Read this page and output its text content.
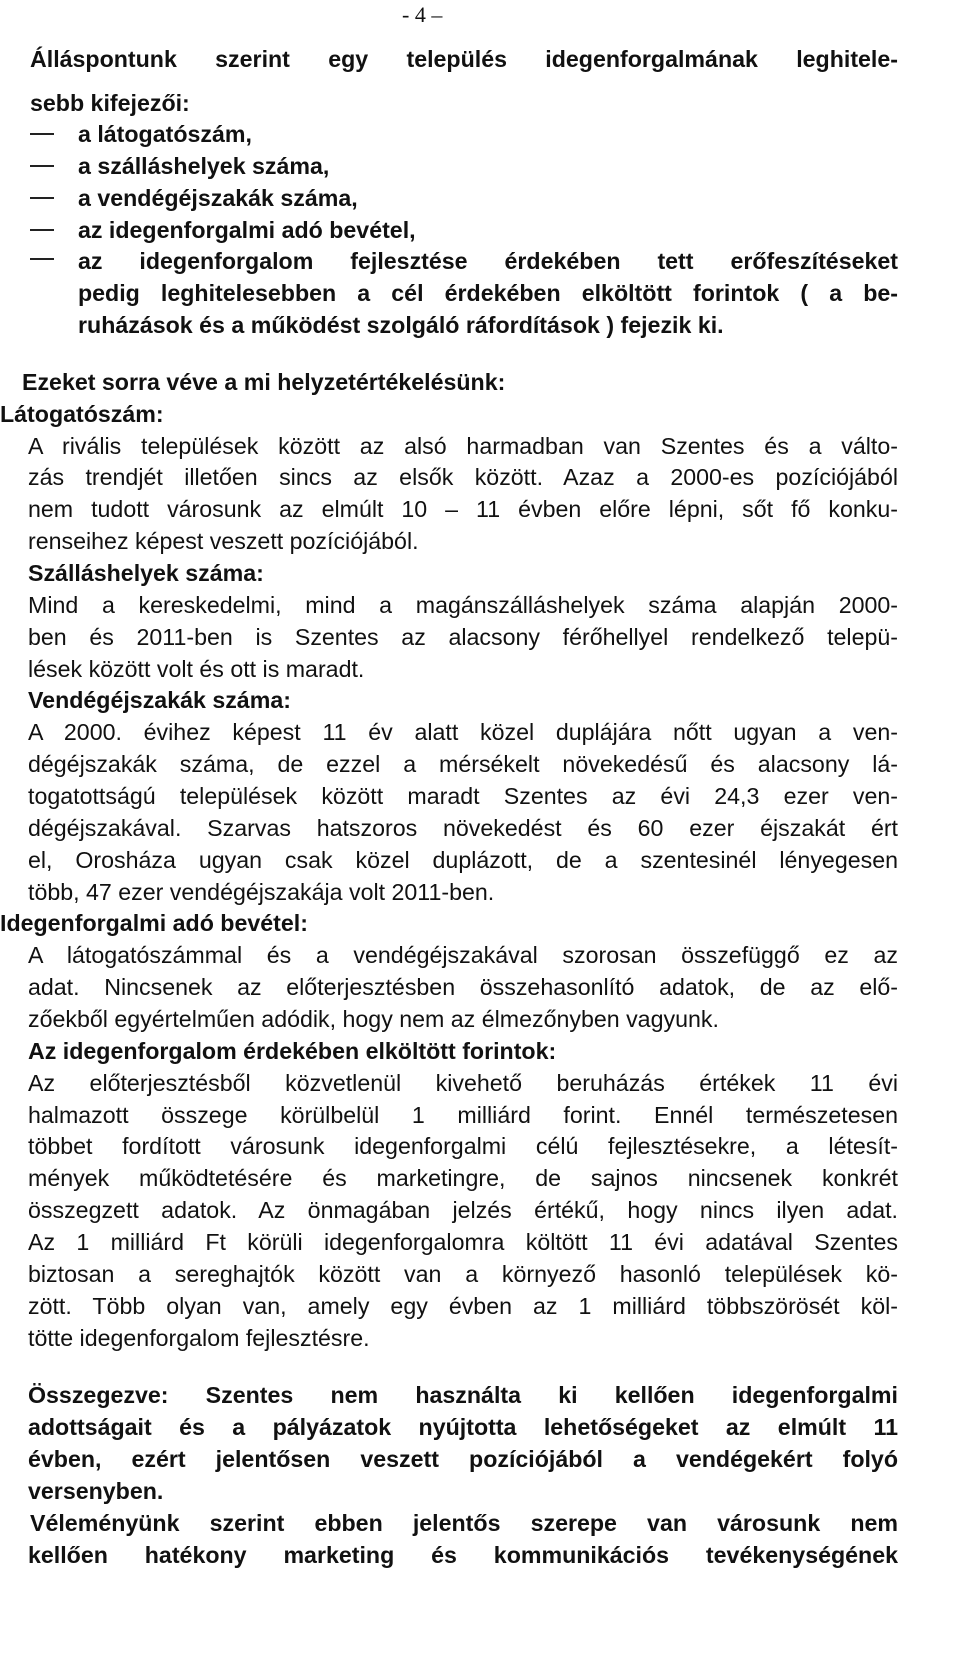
- 4 –
Álláspontunk szerint egy település idegenforgalmának leghitele-
sebb kifejezői:
a látogatószám,
a szálláshelyek száma,
a vendégéjszakák száma,
az idegenforgalmi adó bevétel,
az idegenforgalom fejlesztése érdekében tett erőfeszítéseket
pedig leghitelesebben a cél érdekében elköltött forintok ( a be-
ruházások és a működést szolgáló ráfordítások ) fejezik ki.
Ezeket sorra véve a mi helyzetértékelésünk:
Látogatószám:
A rivális települések között az alsó harmadban van Szentes és a válto-
zás trendjét illetően sincs az elsők között. Azaz a 2000-es pozíciójából
nem tudott városunk az elmúlt 10 – 11 évben előre lépni, sőt fő konku-
renseihez képest veszett pozíciójából.
Szálláshelyek száma:
Mind a kereskedelmi, mind a magánszálláshelyek száma alapján 2000-
ben és 2011-ben is Szentes az alacsony férőhellyel rendelkező telepü-
lések között volt és ott is maradt.
Vendégéjszakák száma:
A 2000. évihez képest 11 év alatt közel duplájára nőtt ugyan a ven-
dégéjszakák száma, de ezzel a mérsékelt növekedésű és alacsony lá-
togatottságú települések között maradt Szentes az évi 24,3 ezer ven-
dégéjszakával. Szarvas hatszoros növekedést és 60 ezer éjszakát ért
el, Orosháza ugyan csak közel duplázott, de a szentesinél lényegesen
több, 47 ezer vendégéjszakája volt 2011-ben.
Idegenforgalmi adó bevétel:
A látogatószámmal és a vendégéjszakával szorosan összefüggő ez az
adat. Nincsenek az előterjesztésben összehasonlító adatok, de az elő-
zőekből egyértelműen adódik, hogy nem az élmezőnyben vagyunk.
Az idegenforgalom érdekében elköltött forintok:
Az előterjesztésből közvetlenül kivehető beruházás értékek 11 évi
halmazott összege körülbelül 1 milliárd forint. Ennél természetesen
többet fordított városunk idegenforgalmi célú fejlesztésekre, a létesít-
mények működtetésére és marketingre, de sajnos nincsenek konkrét
összegzett adatok. Az önmagában jelzés értékű, hogy nincs ilyen adat.
Az 1 milliárd Ft körüli idegenforgalomra költött 11 évi adatával Szentes
biztosan a sereghajtók között van a környező hasonló települések kö-
zött. Több olyan van, amely egy évben az 1 milliárd többszörösét köl-
tötte idegenforgalom fejlesztésre.
Összegezve: Szentes nem használta ki kellően idegenforgalmi
adottságait és a pályázatok nyújtotta lehetőségeket az elmúlt 11
évben, ezért jelentősen veszett pozíciójából a vendégekért folyó
versenyben.
Véleményünk szerint ebben jelentős szerepe van városunk nem
kellően hatékony marketing és kommunikációs tevékenységének
